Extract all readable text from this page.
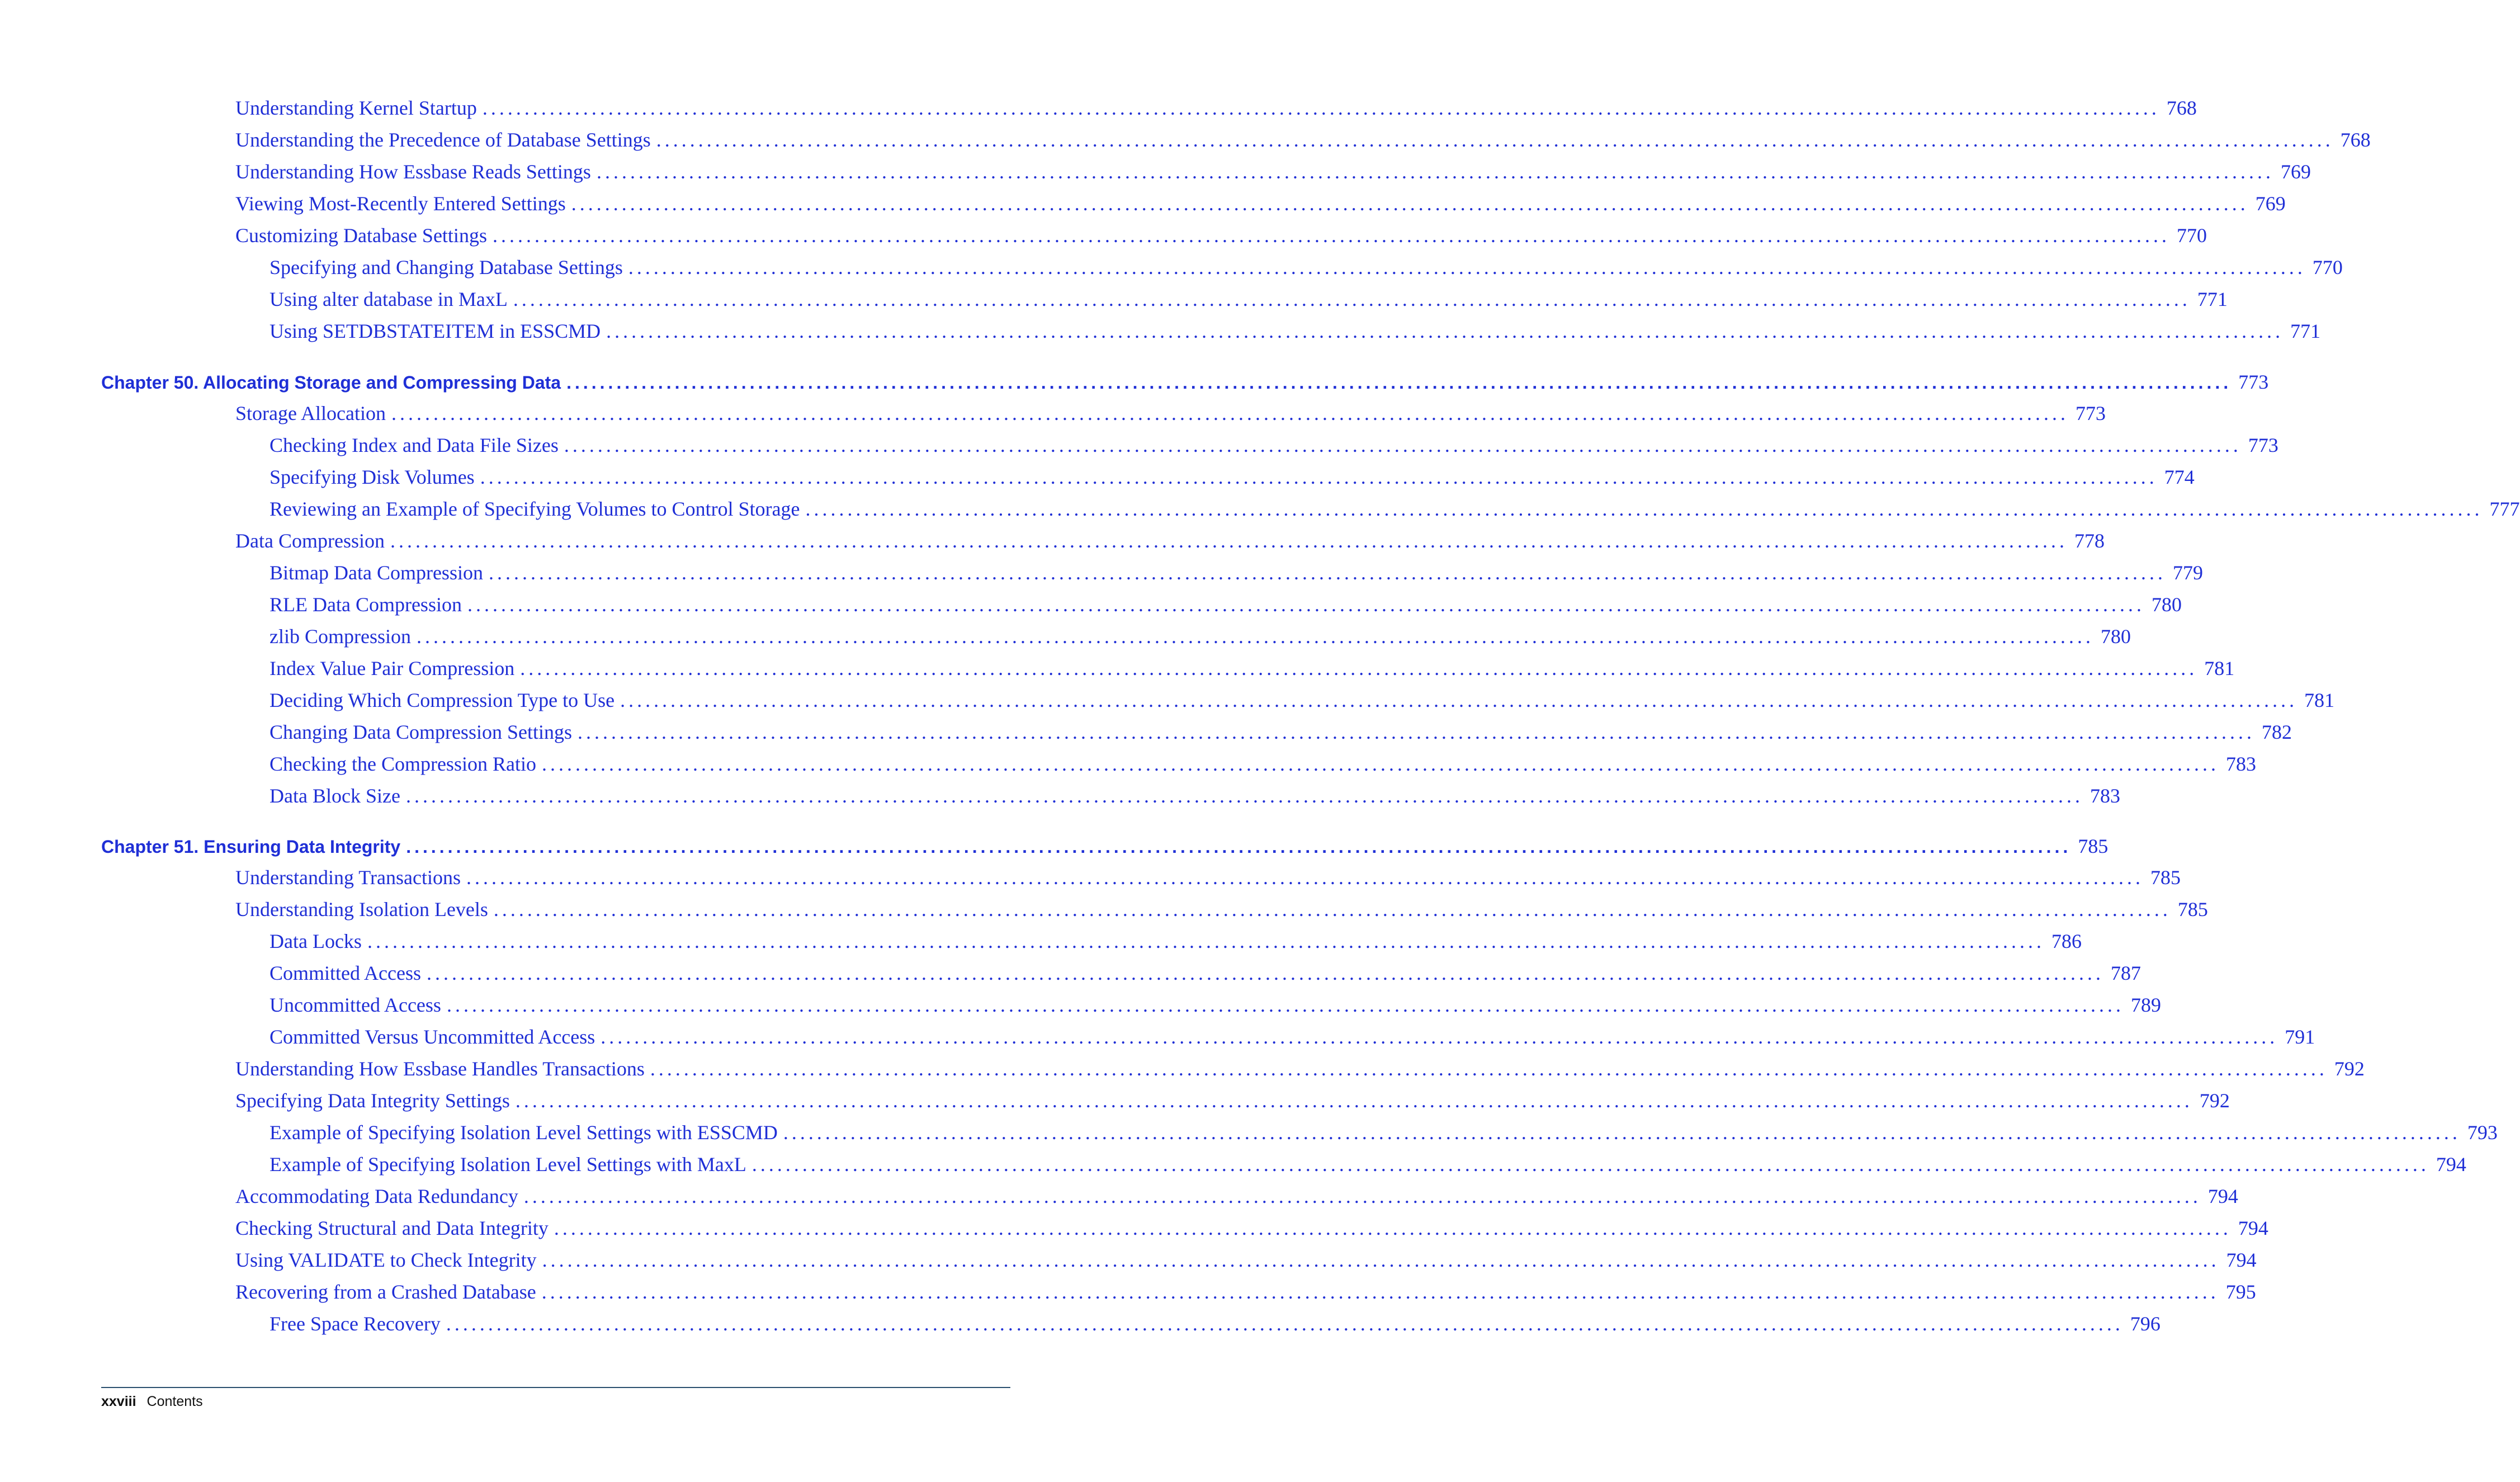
Understanding Kernel Startup ........................................................................................................................................................................................................ 768
Understanding the Precedence of Database Settings ........................................................................................................................................................................................................ 768
Understanding How Essbase Reads Settings ........................................................................................................................................................................................................ 769
Viewing Most-Recently Entered Settings ........................................................................................................................................................................................................ 769
Customizing Database Settings ........................................................................................................................................................................................................ 770
Specifying and Changing Database Settings ........................................................................................................................................................................................................ 770
Using alter database in MaxL ........................................................................................................................................................................................................ 771
Using SETDBSTATEITEM in ESSCMD ........................................................................................................................................................................................................ 771
Chapter 50. Allocating Storage and Compressing Data ........................................................................................................................................................................................................ 773
Storage Allocation ........................................................................................................................................................................................................ 773
Checking Index and Data File Sizes ........................................................................................................................................................................................................ 773
Specifying Disk Volumes ........................................................................................................................................................................................................ 774
Reviewing an Example of Specifying Volumes to Control Storage ........................................................................................................................................................................................................ 777
Data Compression ........................................................................................................................................................................................................ 778
Bitmap Data Compression ........................................................................................................................................................................................................ 779
RLE Data Compression ........................................................................................................................................................................................................ 780
zlib Compression ........................................................................................................................................................................................................ 780
Index Value Pair Compression ........................................................................................................................................................................................................ 781
Deciding Which Compression Type to Use ........................................................................................................................................................................................................ 781
Changing Data Compression Settings ........................................................................................................................................................................................................ 782
Checking the Compression Ratio ........................................................................................................................................................................................................ 783
Data Block Size ........................................................................................................................................................................................................ 783
Chapter 51. Ensuring Data Integrity ........................................................................................................................................................................................................ 785
Understanding Transactions ........................................................................................................................................................................................................ 785
Understanding Isolation Levels ........................................................................................................................................................................................................ 785
Data Locks ........................................................................................................................................................................................................ 786
Committed Access ........................................................................................................................................................................................................ 787
Uncommitted Access ........................................................................................................................................................................................................ 789
Committed Versus Uncommitted Access ........................................................................................................................................................................................................ 791
Understanding How Essbase Handles Transactions ........................................................................................................................................................................................................ 792
Specifying Data Integrity Settings ........................................................................................................................................................................................................ 792
Example of Specifying Isolation Level Settings with ESSCMD ........................................................................................................................................................................................................ 793
Example of Specifying Isolation Level Settings with MaxL ........................................................................................................................................................................................................ 794
Accommodating Data Redundancy ........................................................................................................................................................................................................ 794
Checking Structural and Data Integrity ........................................................................................................................................................................................................ 794
Using VALIDATE to Check Integrity ........................................................................................................................................................................................................ 794
Recovering from a Crashed Database ........................................................................................................................................................................................................ 795
Free Space Recovery ........................................................................................................................................................................................................ 796
xxviii Contents
